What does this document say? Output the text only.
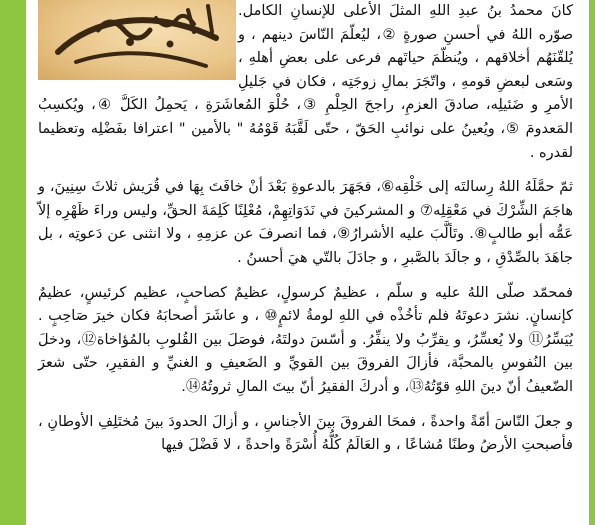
كانَ محمدُ بنُ عبدِ اللهِ المثلَ الأعلى للإنسانِ الكامل. صوّره اللهُ في أحسنِ صورةٍ ②، ليُعلّمَ النّاسَ دينهم ، و يُلقّنَهُم أخلاقهم ، ويُنظّمَ حياتَهم فرعى على بعضِ أهلهِ ، وسَعى لبعضِ قومهِ ، واتّجَرَ بمالِ زوجَتِه ، فكان في جَليلِ الأمرِ و ضَئيلِه، صادقَ العزمِ، راجحَ الحِلْمِ ③، حُلْوَ المُعاشَرَةِ ، يَحمِلُ الكَلَّ ④، ويُكسِبُ المَعدومَ ⑤، ويُعينُ على نوائبِ الحَقّ ، حتّى لَقَّبَهُ قَوْمُهُ " بالأمين " اعترافا بفَضْلِه وتعظيما لقدره .

ثمّ حمَّلَهُ اللهُ رِسالتَه إلى خَلْقِه⑥، فجَهَرَ بالدعوةِ بَعْدَ أنْ خافَتَ بِهَا في قُرَيش ثلاثَ سِنِينَ، و هاجَمَ الشِّرْكَ في مَعْقِلِه⑦ و المشركينَ في نَدَوَاتِهِمْ، مُعْلِنًا كَلِمَةَ الحقِّ، وليس وراءَ ظَهْرِه إلاّ عَمُّه أبو طالبٍ⑧. وتَألَّبَ عليه الأشرارُ⑨، فما انصرفَ عن عزمِهِ ، ولا انثنى عن دَعوتِه ، بل جاهَدَ بالصِّدْقِ ، و جالَدَ بالصَّبرِ ، و جادَلَ بالتّي هيَ أحسنُ .

فمحمّد صلّى اللهُ عليه و سلّم ، عظيمٌ كرسولٍ، عظيمٌ كصاحبٍ، عظيم كرئيسٍ، عظيمٌ كإنسانٍ. نشرَ دعوتَهُ فلم تأخُذْه في اللهِ لومةُ لائمٍ⑩ ، و عاشَرَ أصحابَهُ فكان خيرَ صَاحِبٍ . يُيَسِّرُ⑪ ولا يُعسِّرُ، و يقرِّبُ ولا ينفِّرُ. و أسّسَ دولتَهُ، فوصَلَ بين القُلوبِ بالمُؤاخاة⑫، ودخلَ بين النُفوسِ بالمحبَّة، فأزالَ الفروقَ بين القويِّ و الضَعيفِ و الغنيِّ و الفقيرِ، حتّى شعرَ الضّعيفُ أنّ دينَ اللهِ قوّتُهُ⑬، و أدركَ الفقيرُ أنّ بيتَ المالِ ثروتُهُ⑭.

و جعلَ النّاسَ أمّةً واحدةً ، فمحَا الفروقَ بينَ الأجناسِ ، و أزالَ الحدودَ بينَ مُختَلِفِ الأوطانِ ، فأصبحتِ الأرضُ وطنًا مُشاعًا ، و العَالَمُ كُلُّهُ أُسْرَةً واحدةً ، لا فَضْلَ فيها
